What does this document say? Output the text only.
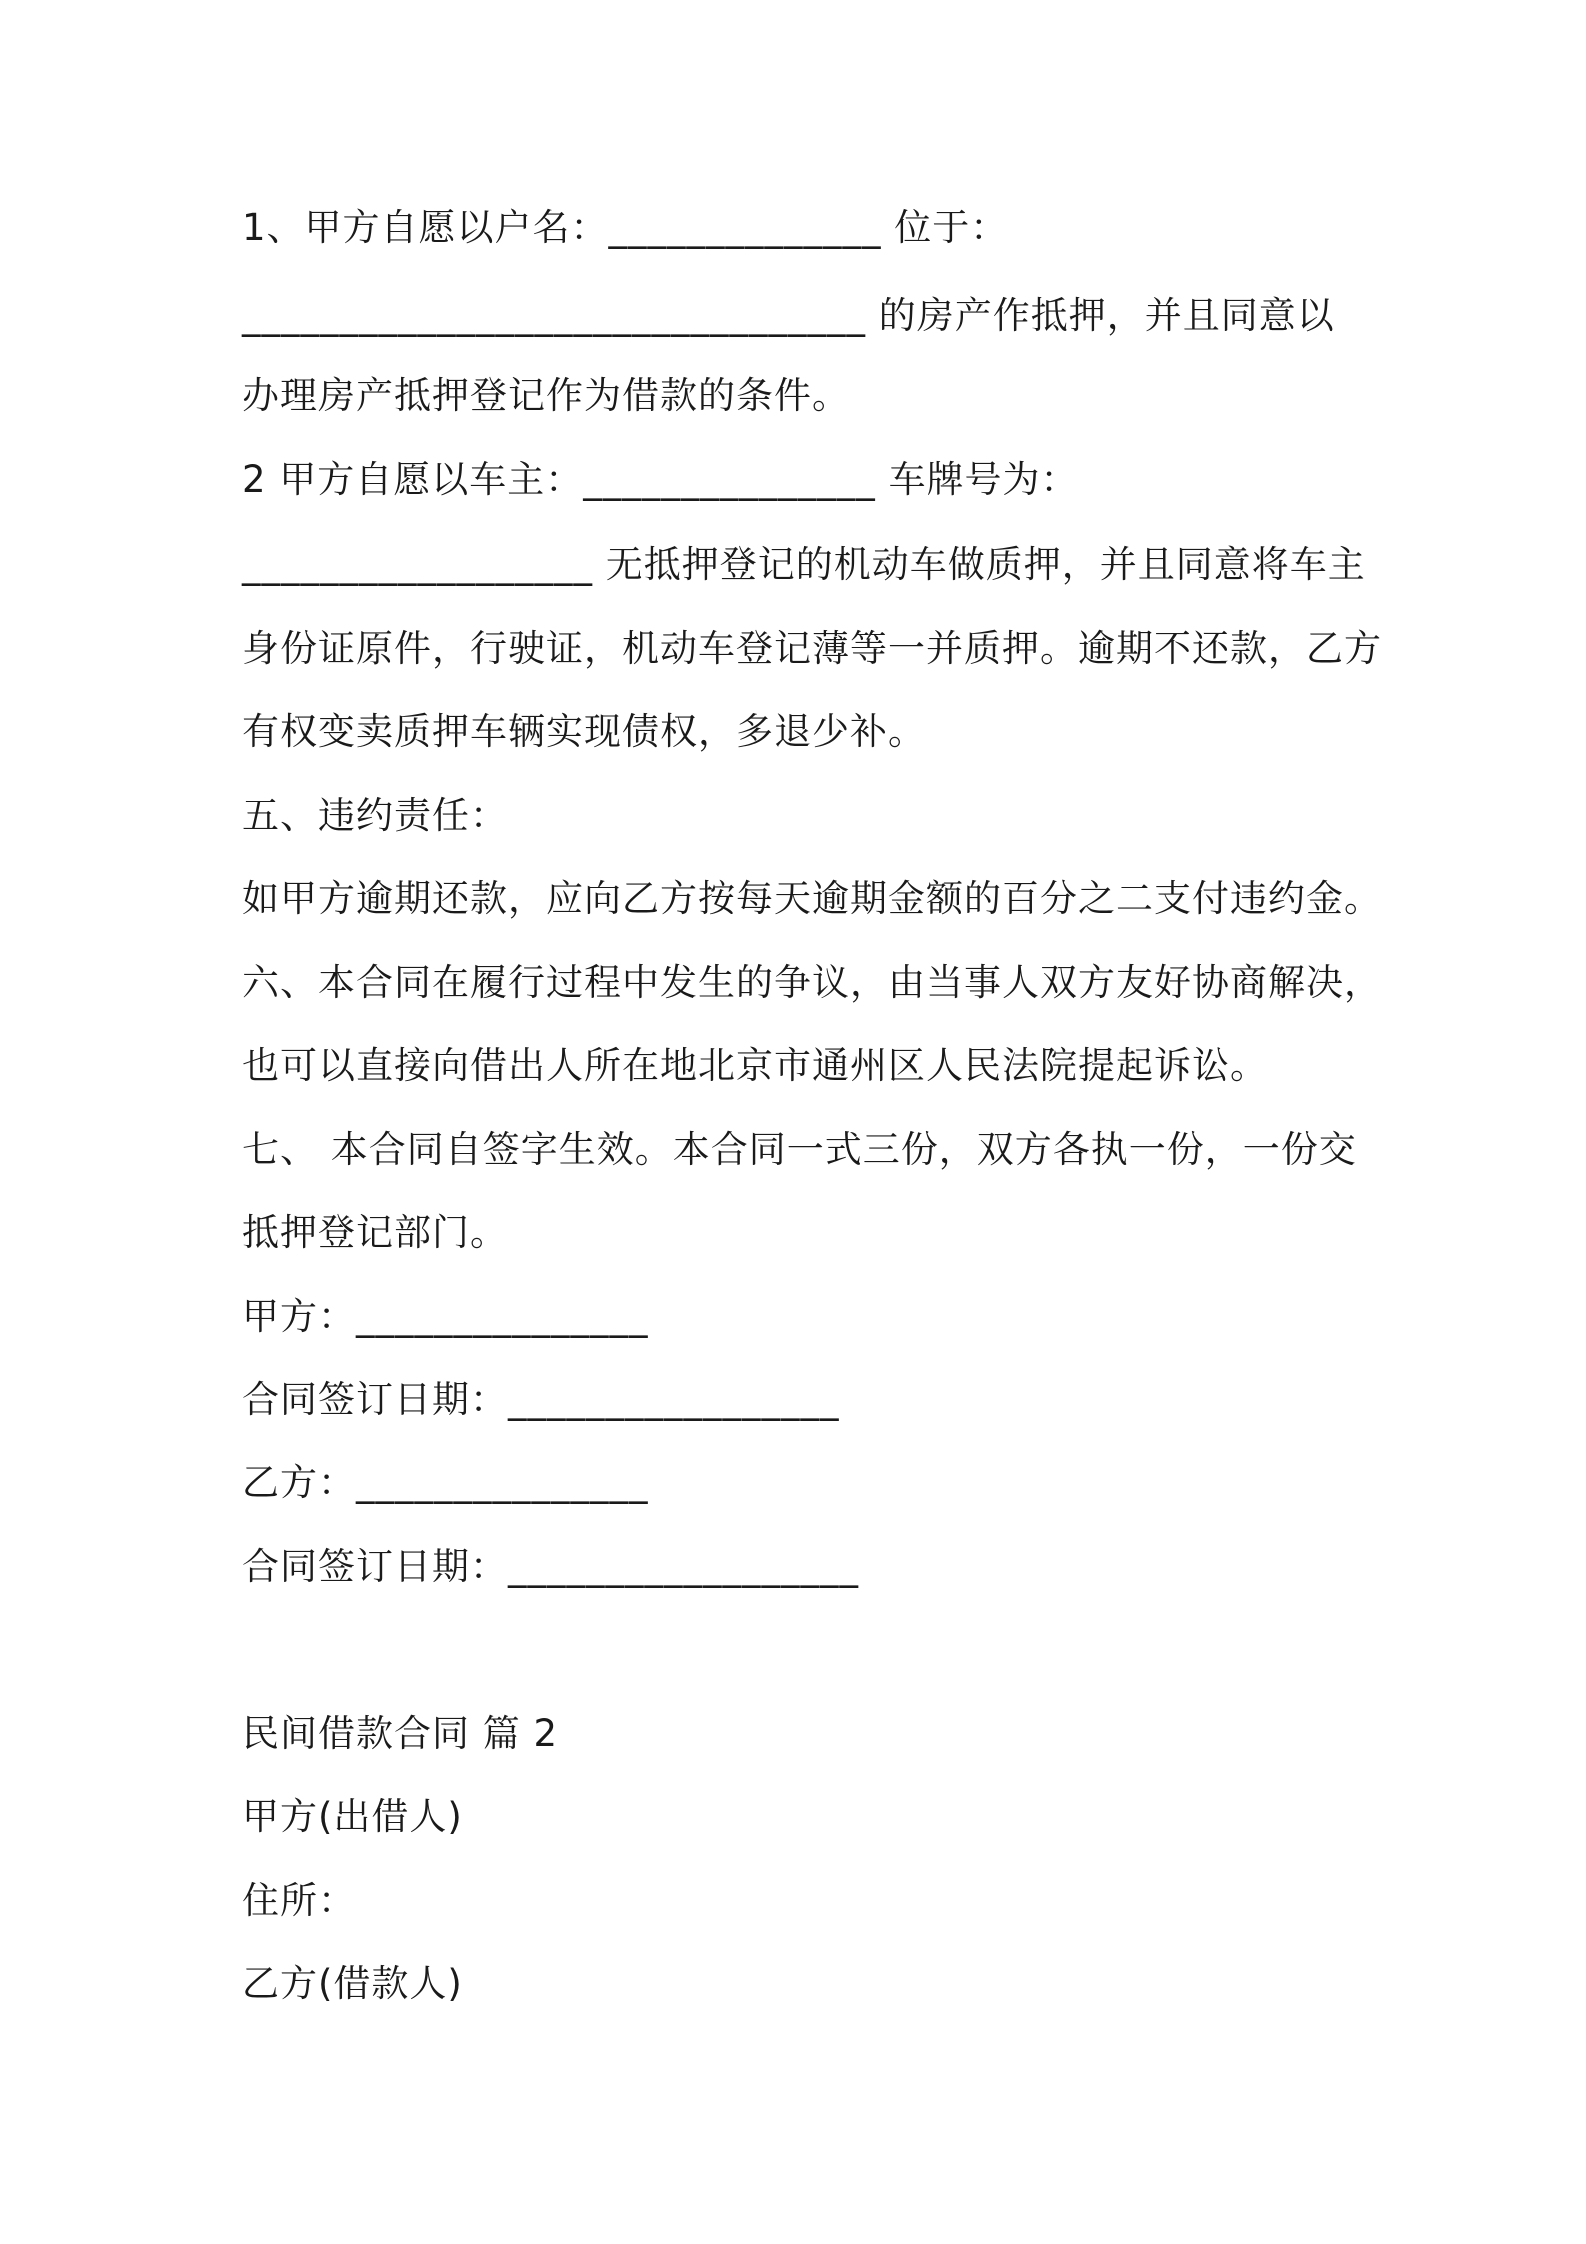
1、甲方自愿以户名：______________ 位于：
________________________________ 的房产作抵押，并且同意以
办理房产抵押登记作为借款的条件。
2 甲方自愿以车主：_______________ 车牌号为：
__________________ 无抵押登记的机动车做质押，并且同意将车主
身份证原件，行驶证，机动车登记薄等一并质押。逾期不还款，乙方
有权变卖质押车辆实现债权，多退少补。
五、违约责任：
如甲方逾期还款，应向乙方按每天逾期金额的百分之二支付违约金。
六、本合同在履行过程中发生的争议，由当事人双方友好协商解决，
也可以直接向借出人所在地北京市通州区人民法院提起诉讼。
七、 本合同自签字生效。本合同一式三份，双方各执一份，一份交
抵押登记部门。
甲方：_______________
合同签订日期：_________________
乙方：_______________
合同签订日期：__________________
民间借款合同 篇 2
甲方(出借人)
住所：
乙方(借款人)
